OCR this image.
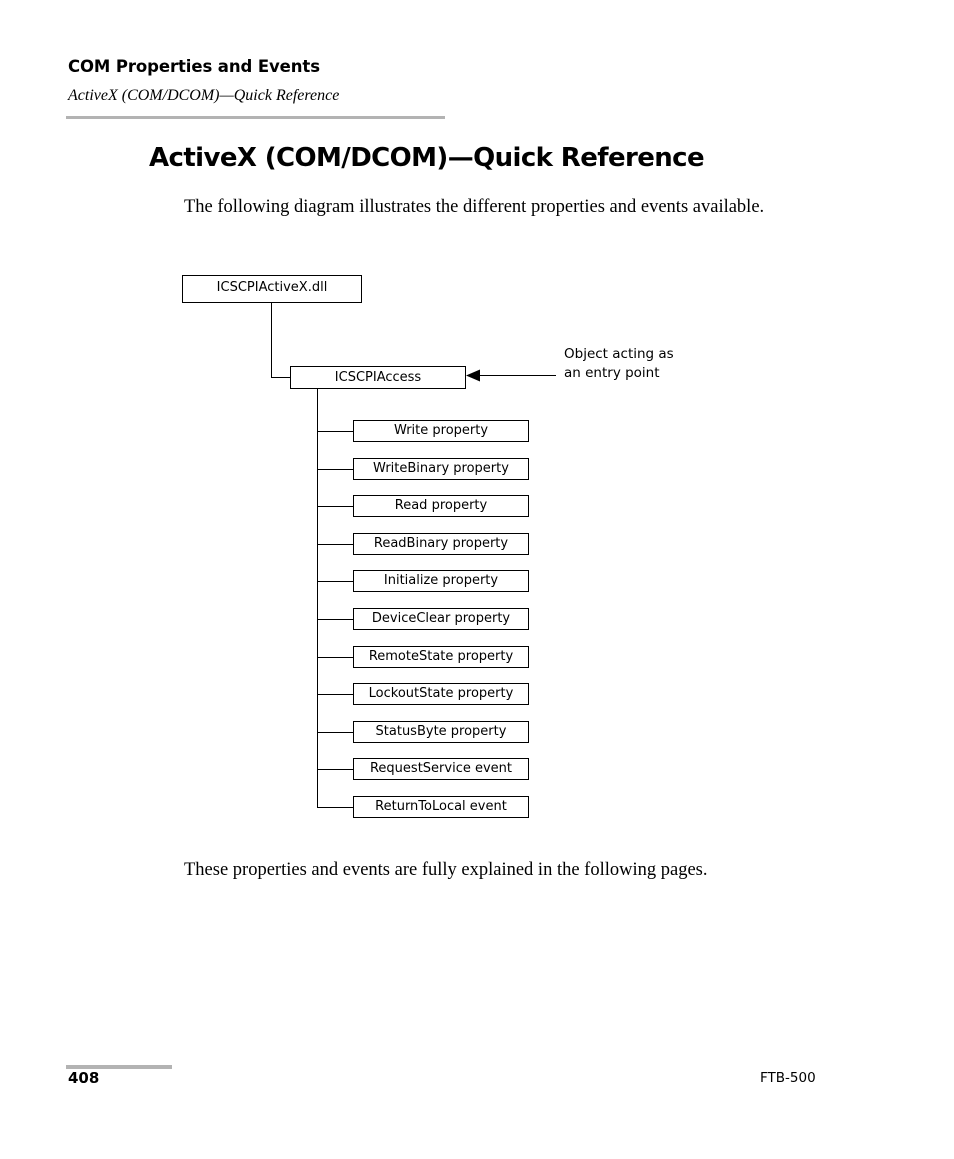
COM Properties and Events
ActiveX (COM/DCOM)—Quick Reference
ActiveX (COM/DCOM)—Quick Reference
The following diagram illustrates the different properties and events available.
ICSCPIActiveX.dll
ICSCPIAccess
Object acting as an entry point
Write property
WriteBinary property
Read property
ReadBinary property
Initialize property
DeviceClear property
RemoteState property
LockoutState property
StatusByte property
RequestService event
ReturnToLocal event
These properties and events are fully explained in the following pages.
408	FTB-500
